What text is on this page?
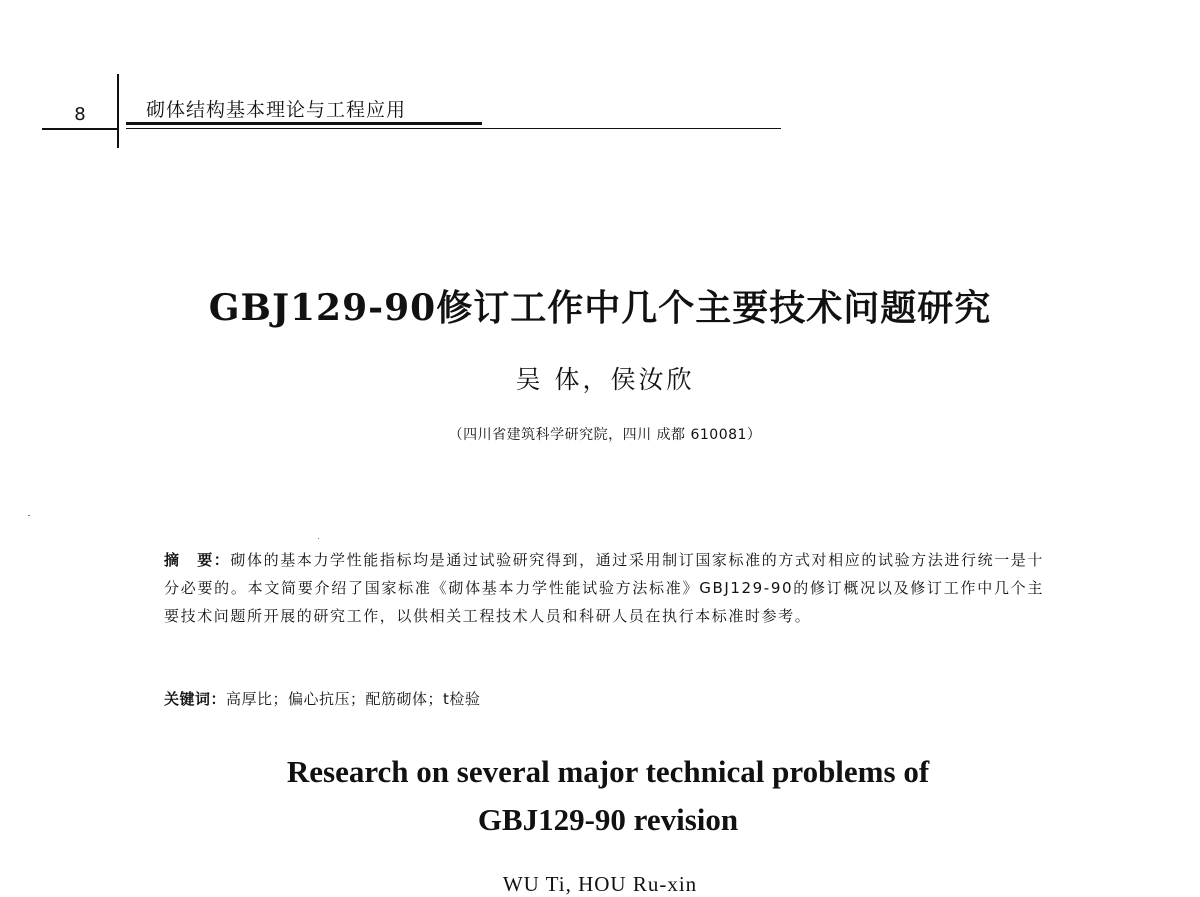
8	砌体结构基本理论与工程应用
GBJ129-90修订工作中几个主要技术问题研究
吴 体，侯汝欣
（四川省建筑科学研究院，四川 成都 610081）
摘　要：砌体的基本力学性能指标均是通过试验研究得到，通过采用制订国家标准的方式对相应的试验方法进行统一是十分必要的。本文简要介绍了国家标准《砌体基本力学性能试验方法标准》GBJ129-90的修订概况以及修订工作中几个主要技术问题所开展的研究工作，以供相关工程技术人员和科研人员在执行本标准时参考。
关键词：高厚比；偏心抗压；配筋砌体；t检验
Research on several major technical problems of
GBJ129-90 revision
WU Ti, HOU Ru-xin
